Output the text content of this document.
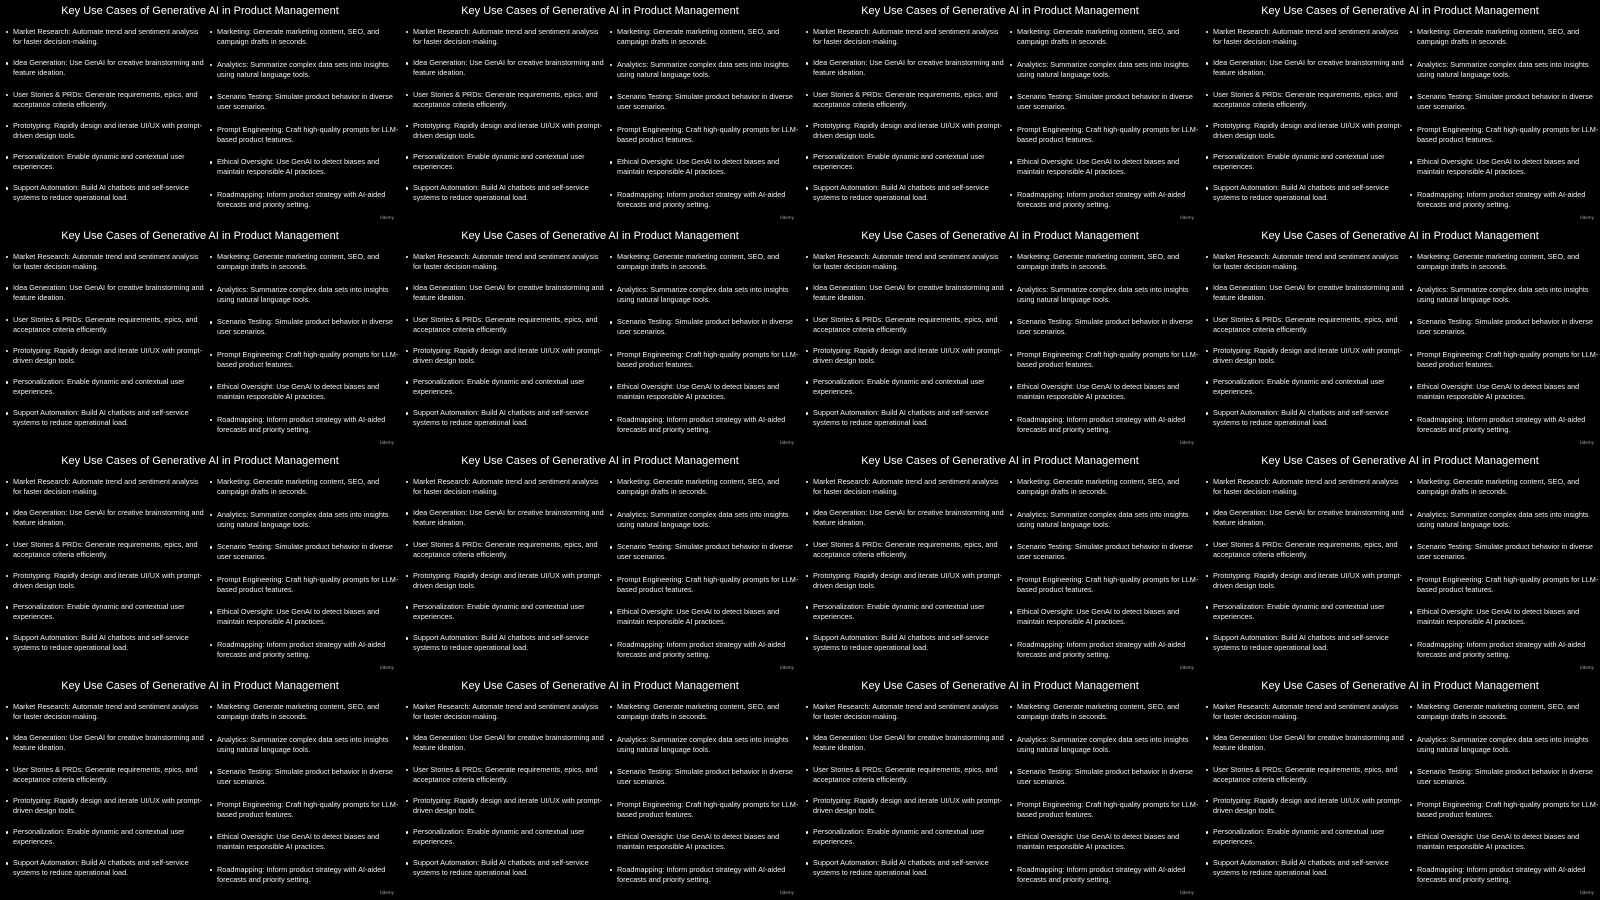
Key Use Cases of Generative AI in Product Management
Market Research: Automate trend and sentiment analysis for faster decision-making.
Idea Generation: Use GenAI for creative brainstorming and feature ideation.
User Stories & PRDs: Generate requirements, epics, and acceptance criteria efficiently.
Prototyping: Rapidly design and iterate UI/UX with prompt-driven design tools.
Personalization: Enable dynamic and contextual user experiences.
Support Automation: Build AI chatbots and self-service systems to reduce operational load.
Marketing: Generate marketing content, SEO, and campaign drafts in seconds.
Analytics: Summarize complex data sets into insights using natural language tools.
Scenario Testing: Simulate product behavior in diverse user scenarios.
Prompt Engineering: Craft high-quality prompts for LLM-based product features.
Ethical Oversight: Use GenAI to detect biases and maintain responsible AI practices.
Roadmapping: Inform product strategy with AI-aided forecasts and priority setting.
Udemy
Key Use Cases of Generative AI in Product Management
Market Research: Automate trend and sentiment analysis for faster decision-making.
Idea Generation: Use GenAI for creative brainstorming and feature ideation.
User Stories & PRDs: Generate requirements, epics, and acceptance criteria efficiently.
Prototyping: Rapidly design and iterate UI/UX with prompt-driven design tools.
Personalization: Enable dynamic and contextual user experiences.
Support Automation: Build AI chatbots and self-service systems to reduce operational load.
Marketing: Generate marketing content, SEO, and campaign drafts in seconds.
Analytics: Summarize complex data sets into insights using natural language tools.
Scenario Testing: Simulate product behavior in diverse user scenarios.
Prompt Engineering: Craft high-quality prompts for LLM-based product features.
Ethical Oversight: Use GenAI to detect biases and maintain responsible AI practices.
Roadmapping: Inform product strategy with AI-aided forecasts and priority setting.
Udemy
Key Use Cases of Generative AI in Product Management
Market Research: Automate trend and sentiment analysis for faster decision-making.
Idea Generation: Use GenAI for creative brainstorming and feature ideation.
User Stories & PRDs: Generate requirements, epics, and acceptance criteria efficiently.
Prototyping: Rapidly design and iterate UI/UX with prompt-driven design tools.
Personalization: Enable dynamic and contextual user experiences.
Support Automation: Build AI chatbots and self-service systems to reduce operational load.
Marketing: Generate marketing content, SEO, and campaign drafts in seconds.
Analytics: Summarize complex data sets into insights using natural language tools.
Scenario Testing: Simulate product behavior in diverse user scenarios.
Prompt Engineering: Craft high-quality prompts for LLM-based product features.
Ethical Oversight: Use GenAI to detect biases and maintain responsible AI practices.
Roadmapping: Inform product strategy with AI-aided forecasts and priority setting.
Udemy
Key Use Cases of Generative AI in Product Management
Market Research: Automate trend and sentiment analysis for faster decision-making.
Idea Generation: Use GenAI for creative brainstorming and feature ideation.
User Stories & PRDs: Generate requirements, epics, and acceptance criteria efficiently.
Prototyping: Rapidly design and iterate UI/UX with prompt-driven design tools.
Personalization: Enable dynamic and contextual user experiences.
Support Automation: Build AI chatbots and self-service systems to reduce operational load.
Marketing: Generate marketing content, SEO, and campaign drafts in seconds.
Analytics: Summarize complex data sets into insights using natural language tools.
Scenario Testing: Simulate product behavior in diverse user scenarios.
Prompt Engineering: Craft high-quality prompts for LLM-based product features.
Ethical Oversight: Use GenAI to detect biases and maintain responsible AI practices.
Roadmapping: Inform product strategy with AI-aided forecasts and priority setting.
Udemy
Key Use Cases of Generative AI in Product Management
Market Research: Automate trend and sentiment analysis for faster decision-making.
Idea Generation: Use GenAI for creative brainstorming and feature ideation.
User Stories & PRDs: Generate requirements, epics, and acceptance criteria efficiently.
Prototyping: Rapidly design and iterate UI/UX with prompt-driven design tools.
Personalization: Enable dynamic and contextual user experiences.
Support Automation: Build AI chatbots and self-service systems to reduce operational load.
Marketing: Generate marketing content, SEO, and campaign drafts in seconds.
Analytics: Summarize complex data sets into insights using natural language tools.
Scenario Testing: Simulate product behavior in diverse user scenarios.
Prompt Engineering: Craft high-quality prompts for LLM-based product features.
Ethical Oversight: Use GenAI to detect biases and maintain responsible AI practices.
Roadmapping: Inform product strategy with AI-aided forecasts and priority setting.
Udemy
Key Use Cases of Generative AI in Product Management
Market Research: Automate trend and sentiment analysis for faster decision-making.
Idea Generation: Use GenAI for creative brainstorming and feature ideation.
User Stories & PRDs: Generate requirements, epics, and acceptance criteria efficiently.
Prototyping: Rapidly design and iterate UI/UX with prompt-driven design tools.
Personalization: Enable dynamic and contextual user experiences.
Support Automation: Build AI chatbots and self-service systems to reduce operational load.
Marketing: Generate marketing content, SEO, and campaign drafts in seconds.
Analytics: Summarize complex data sets into insights using natural language tools.
Scenario Testing: Simulate product behavior in diverse user scenarios.
Prompt Engineering: Craft high-quality prompts for LLM-based product features.
Ethical Oversight: Use GenAI to detect biases and maintain responsible AI practices.
Roadmapping: Inform product strategy with AI-aided forecasts and priority setting.
Udemy
Key Use Cases of Generative AI in Product Management
Market Research: Automate trend and sentiment analysis for faster decision-making.
Idea Generation: Use GenAI for creative brainstorming and feature ideation.
User Stories & PRDs: Generate requirements, epics, and acceptance criteria efficiently.
Prototyping: Rapidly design and iterate UI/UX with prompt-driven design tools.
Personalization: Enable dynamic and contextual user experiences.
Support Automation: Build AI chatbots and self-service systems to reduce operational load.
Marketing: Generate marketing content, SEO, and campaign drafts in seconds.
Analytics: Summarize complex data sets into insights using natural language tools.
Scenario Testing: Simulate product behavior in diverse user scenarios.
Prompt Engineering: Craft high-quality prompts for LLM-based product features.
Ethical Oversight: Use GenAI to detect biases and maintain responsible AI practices.
Roadmapping: Inform product strategy with AI-aided forecasts and priority setting.
Udemy
Key Use Cases of Generative AI in Product Management
Market Research: Automate trend and sentiment analysis for faster decision-making.
Idea Generation: Use GenAI for creative brainstorming and feature ideation.
User Stories & PRDs: Generate requirements, epics, and acceptance criteria efficiently.
Prototyping: Rapidly design and iterate UI/UX with prompt-driven design tools.
Personalization: Enable dynamic and contextual user experiences.
Support Automation: Build AI chatbots and self-service systems to reduce operational load.
Marketing: Generate marketing content, SEO, and campaign drafts in seconds.
Analytics: Summarize complex data sets into insights using natural language tools.
Scenario Testing: Simulate product behavior in diverse user scenarios.
Prompt Engineering: Craft high-quality prompts for LLM-based product features.
Ethical Oversight: Use GenAI to detect biases and maintain responsible AI practices.
Roadmapping: Inform product strategy with AI-aided forecasts and priority setting.
Udemy
Key Use Cases of Generative AI in Product Management
Market Research: Automate trend and sentiment analysis for faster decision-making.
Idea Generation: Use GenAI for creative brainstorming and feature ideation.
User Stories & PRDs: Generate requirements, epics, and acceptance criteria efficiently.
Prototyping: Rapidly design and iterate UI/UX with prompt-driven design tools.
Personalization: Enable dynamic and contextual user experiences.
Support Automation: Build AI chatbots and self-service systems to reduce operational load.
Marketing: Generate marketing content, SEO, and campaign drafts in seconds.
Analytics: Summarize complex data sets into insights using natural language tools.
Scenario Testing: Simulate product behavior in diverse user scenarios.
Prompt Engineering: Craft high-quality prompts for LLM-based product features.
Ethical Oversight: Use GenAI to detect biases and maintain responsible AI practices.
Roadmapping: Inform product strategy with AI-aided forecasts and priority setting.
Udemy
Key Use Cases of Generative AI in Product Management
Market Research: Automate trend and sentiment analysis for faster decision-making.
Idea Generation: Use GenAI for creative brainstorming and feature ideation.
User Stories & PRDs: Generate requirements, epics, and acceptance criteria efficiently.
Prototyping: Rapidly design and iterate UI/UX with prompt-driven design tools.
Personalization: Enable dynamic and contextual user experiences.
Support Automation: Build AI chatbots and self-service systems to reduce operational load.
Marketing: Generate marketing content, SEO, and campaign drafts in seconds.
Analytics: Summarize complex data sets into insights using natural language tools.
Scenario Testing: Simulate product behavior in diverse user scenarios.
Prompt Engineering: Craft high-quality prompts for LLM-based product features.
Ethical Oversight: Use GenAI to detect biases and maintain responsible AI practices.
Roadmapping: Inform product strategy with AI-aided forecasts and priority setting.
Udemy
Key Use Cases of Generative AI in Product Management
Market Research: Automate trend and sentiment analysis for faster decision-making.
Idea Generation: Use GenAI for creative brainstorming and feature ideation.
User Stories & PRDs: Generate requirements, epics, and acceptance criteria efficiently.
Prototyping: Rapidly design and iterate UI/UX with prompt-driven design tools.
Personalization: Enable dynamic and contextual user experiences.
Support Automation: Build AI chatbots and self-service systems to reduce operational load.
Marketing: Generate marketing content, SEO, and campaign drafts in seconds.
Analytics: Summarize complex data sets into insights using natural language tools.
Scenario Testing: Simulate product behavior in diverse user scenarios.
Prompt Engineering: Craft high-quality prompts for LLM-based product features.
Ethical Oversight: Use GenAI to detect biases and maintain responsible AI practices.
Roadmapping: Inform product strategy with AI-aided forecasts and priority setting.
Udemy
Key Use Cases of Generative AI in Product Management
Market Research: Automate trend and sentiment analysis for faster decision-making.
Idea Generation: Use GenAI for creative brainstorming and feature ideation.
User Stories & PRDs: Generate requirements, epics, and acceptance criteria efficiently.
Prototyping: Rapidly design and iterate UI/UX with prompt-driven design tools.
Personalization: Enable dynamic and contextual user experiences.
Support Automation: Build AI chatbots and self-service systems to reduce operational load.
Marketing: Generate marketing content, SEO, and campaign drafts in seconds.
Analytics: Summarize complex data sets into insights using natural language tools.
Scenario Testing: Simulate product behavior in diverse user scenarios.
Prompt Engineering: Craft high-quality prompts for LLM-based product features.
Ethical Oversight: Use GenAI to detect biases and maintain responsible AI practices.
Roadmapping: Inform product strategy with AI-aided forecasts and priority setting.
Udemy
Key Use Cases of Generative AI in Product Management
Market Research: Automate trend and sentiment analysis for faster decision-making.
Idea Generation: Use GenAI for creative brainstorming and feature ideation.
User Stories & PRDs: Generate requirements, epics, and acceptance criteria efficiently.
Prototyping: Rapidly design and iterate UI/UX with prompt-driven design tools.
Personalization: Enable dynamic and contextual user experiences.
Support Automation: Build AI chatbots and self-service systems to reduce operational load.
Marketing: Generate marketing content, SEO, and campaign drafts in seconds.
Analytics: Summarize complex data sets into insights using natural language tools.
Scenario Testing: Simulate product behavior in diverse user scenarios.
Prompt Engineering: Craft high-quality prompts for LLM-based product features.
Ethical Oversight: Use GenAI to detect biases and maintain responsible AI practices.
Roadmapping: Inform product strategy with AI-aided forecasts and priority setting.
Udemy
Key Use Cases of Generative AI in Product Management
Market Research: Automate trend and sentiment analysis for faster decision-making.
Idea Generation: Use GenAI for creative brainstorming and feature ideation.
User Stories & PRDs: Generate requirements, epics, and acceptance criteria efficiently.
Prototyping: Rapidly design and iterate UI/UX with prompt-driven design tools.
Personalization: Enable dynamic and contextual user experiences.
Support Automation: Build AI chatbots and self-service systems to reduce operational load.
Marketing: Generate marketing content, SEO, and campaign drafts in seconds.
Analytics: Summarize complex data sets into insights using natural language tools.
Scenario Testing: Simulate product behavior in diverse user scenarios.
Prompt Engineering: Craft high-quality prompts for LLM-based product features.
Ethical Oversight: Use GenAI to detect biases and maintain responsible AI practices.
Roadmapping: Inform product strategy with AI-aided forecasts and priority setting.
Udemy
Key Use Cases of Generative AI in Product Management
Market Research: Automate trend and sentiment analysis for faster decision-making.
Idea Generation: Use GenAI for creative brainstorming and feature ideation.
User Stories & PRDs: Generate requirements, epics, and acceptance criteria efficiently.
Prototyping: Rapidly design and iterate UI/UX with prompt-driven design tools.
Personalization: Enable dynamic and contextual user experiences.
Support Automation: Build AI chatbots and self-service systems to reduce operational load.
Marketing: Generate marketing content, SEO, and campaign drafts in seconds.
Analytics: Summarize complex data sets into insights using natural language tools.
Scenario Testing: Simulate product behavior in diverse user scenarios.
Prompt Engineering: Craft high-quality prompts for LLM-based product features.
Ethical Oversight: Use GenAI to detect biases and maintain responsible AI practices.
Roadmapping: Inform product strategy with AI-aided forecasts and priority setting.
Udemy
Key Use Cases of Generative AI in Product Management
Market Research: Automate trend and sentiment analysis for faster decision-making.
Idea Generation: Use GenAI for creative brainstorming and feature ideation.
User Stories & PRDs: Generate requirements, epics, and acceptance criteria efficiently.
Prototyping: Rapidly design and iterate UI/UX with prompt-driven design tools.
Personalization: Enable dynamic and contextual user experiences.
Support Automation: Build AI chatbots and self-service systems to reduce operational load.
Marketing: Generate marketing content, SEO, and campaign drafts in seconds.
Analytics: Summarize complex data sets into insights using natural language tools.
Scenario Testing: Simulate product behavior in diverse user scenarios.
Prompt Engineering: Craft high-quality prompts for LLM-based product features.
Ethical Oversight: Use GenAI to detect biases and maintain responsible AI practices.
Roadmapping: Inform product strategy with AI-aided forecasts and priority setting.
Udemy
